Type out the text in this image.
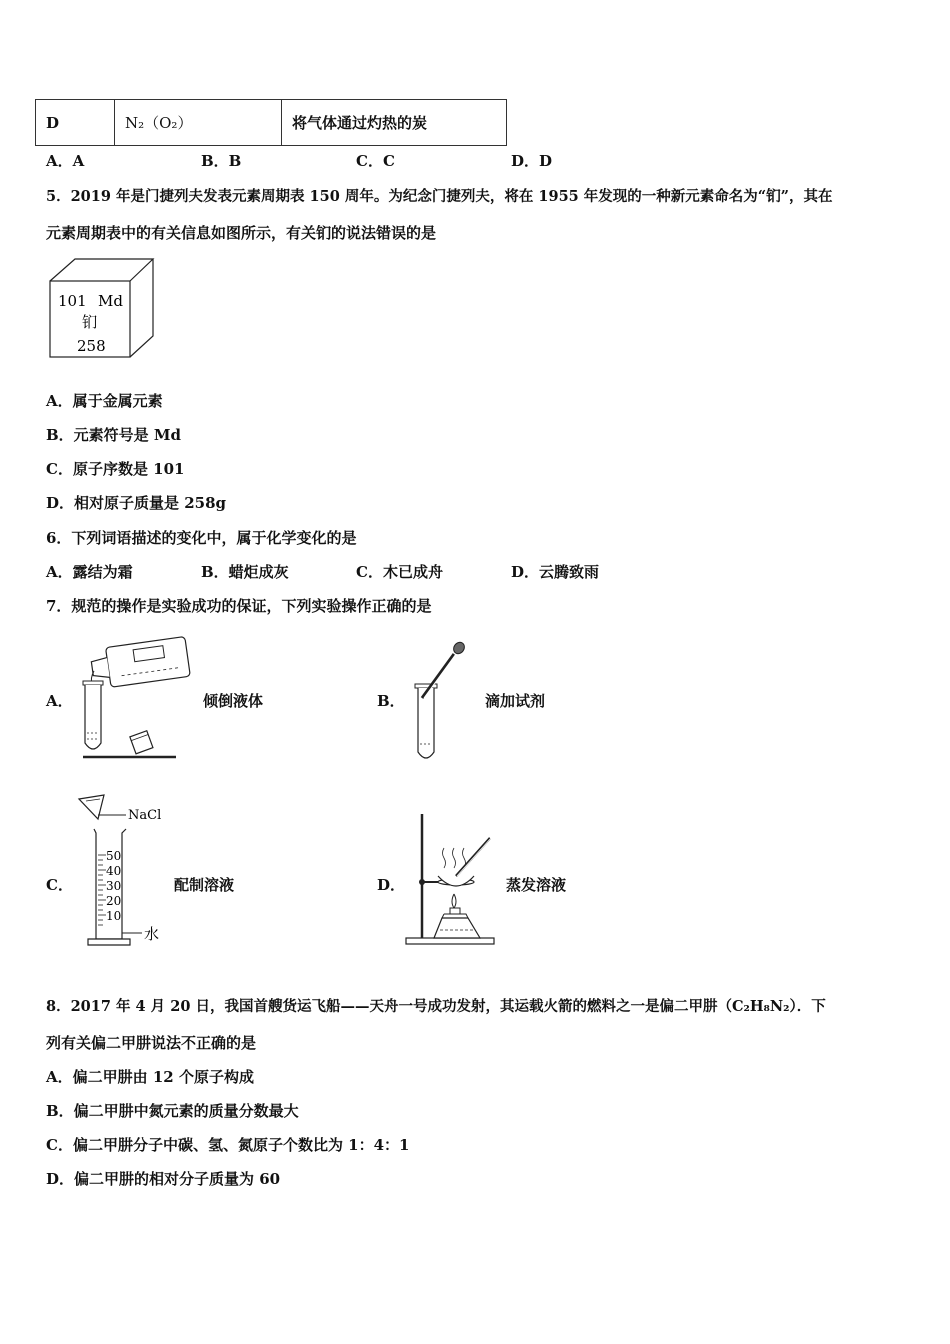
D	N₂（O₂）	将气体通过灼热的炭
A．A	B．B	C．C	D．D
5．2019 年是门捷列夫发表元素周期表 150 周年。为纪念门捷列夫，将在 1955 年发现的一种新元素命名为“钔”，其在
元素周期表中的有关信息如图所示，有关钔的说法错误的是
101 Md
钔
258
A．属于金属元素
B．元素符号是 Md
C．原子序数是 101
D．相对原子质量是 258g
6．下列词语描述的变化中，属于化学变化的是
A．露结为霜	B．蜡炬成灰	C．木已成舟	D．云腾致雨
7．规范的操作是实验成功的保证，下列实验操作正确的是
A．	倾倒液体	B．	滴加试剂
C．
NaCl
50
40
30
20
10
水
配制溶液	D．	蒸发溶液
8．2017 年 4 月 20 日，我国首艘货运飞船——天舟一号成功发射，其运载火箭的燃料之一是偏二甲肼（C₂H₈N₂）．下
列有关偏二甲肼说法不正确的是
A．偏二甲肼由 12 个原子构成
B．偏二甲肼中氮元素的质量分数最大
C．偏二甲肼分子中碳、氢、氮原子个数比为 1：4：1
D．偏二甲肼的相对分子质量为 60
